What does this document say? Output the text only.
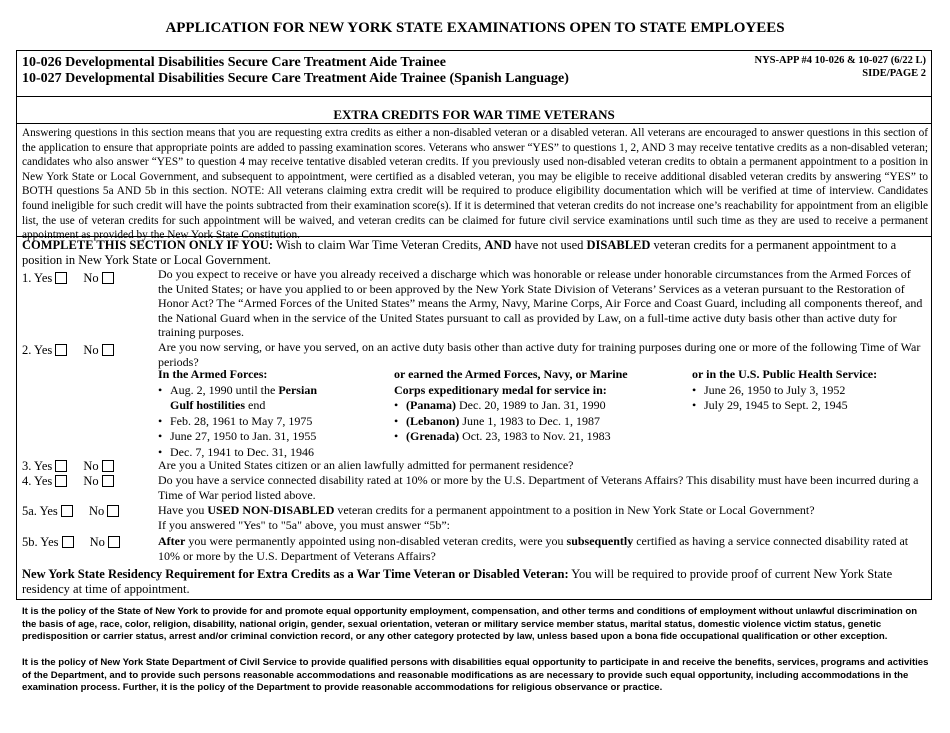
APPLICATION FOR NEW YORK STATE EXAMINATIONS OPEN TO STATE EMPLOYEES
10-026 Developmental Disabilities Secure Care Treatment Aide Trainee
10-027 Developmental Disabilities Secure Care Treatment Aide Trainee (Spanish Language)
NYS-APP #4 10-026 & 10-027 (6/22 L)
SIDE/PAGE 2
EXTRA CREDITS FOR WAR TIME VETERANS
Answering questions in this section means that you are requesting extra credits as either a non-disabled veteran or a disabled veteran. All veterans are encouraged to answer questions in this section of the application to ensure that appropriate points are added to passing examination scores. Veterans who answer “YES” to questions 1, 2, AND 3 may receive tentative credits as a non-disabled veteran; candidates who also answer “YES” to question 4 may receive tentative disabled veteran credits. If you previously used non-disabled veteran credits to obtain a permanent appointment to a position in New York State or Local Government, and subsequent to appointment, were certified as a disabled veteran, you may be eligible to receive additional disabled veteran credits by answering “YES” to BOTH questions 5a AND 5b in this section. NOTE: All veterans claiming extra credit will be required to produce eligibility documentation which will be verified at time of interview. Candidates found ineligible for such credit will have the points subtracted from their examination score(s). If it is determined that veteran credits do not increase one’s reachability for appointment from an eligible list, the use of veteran credits for such appointment will be waived, and veteran credits can be claimed for future civil service examinations until such time as they are used to receive a permanent
COMPLETE THIS SECTION ONLY IF YOU: Wish to claim War Time Veteran Credits, AND have not used DISABLED veteran credits for a permanent appointment to a position in New York State or Local Government.
1. Yes No	Do you expect to receive or have you already received a discharge which was honorable or release under honorable circumstances from the Armed Forces of the United States; or have you applied to or been approved by the New York State Division of Veterans’ Services as a veteran pursuant to the Restoration of Honor Act? The “Armed Forces of the United States” means the Army, Navy, Marine Corps, Air Force and Coast Guard, including all components thereof, and the National Guard when in the service of the United States pursuant to call as provided by Law, on a full-time active duty basis other than active duty for training purposes.
2. Yes No	Are you now serving, or have you served, on an active duty basis other than active duty for training purposes during one or more of the following Time of War periods?
In the Armed Forces:
• Aug. 2, 1990 until the Persian
Gulf hostilities end
• Feb. 28, 1961 to May 7, 1975
• June 27, 1950 to Jan. 31, 1955
• Dec. 7, 1941 to Dec. 31, 1946
or earned the Armed Forces, Navy, or Marine
Corps expeditionary medal for service in:
• (Panama) Dec. 20, 1989 to Jan. 31, 1990
• (Lebanon) June 1, 1983 to Dec. 1, 1987
• (Grenada) Oct. 23, 1983 to Nov. 21, 1983
or in the U.S. Public Health Service:
• June 26, 1950 to July 3, 1952
• July 29, 1945 to Sept. 2, 1945
3. Yes No	Are you a United States citizen or an alien lawfully admitted for permanent residence?
4. Yes No	Do you have a service connected disability rated at 10% or more by the U.S. Department of Veterans Affairs? This disability must have been incurred during a Time of War period listed above.
5a. Yes No	Have you USED NON-DISABLED veteran credits for a permanent appointment to a position in New York State or Local Government?
If you answered "Yes" to "5a" above, you must answer “5b”:
5b. Yes No	After you were permanently appointed using non-disabled veteran credits, were you subsequently certified as having a service connected disability rated at 10% or more by the U.S. Department of Veterans Affairs?
New York State Residency Requirement for Extra Credits as a War Time Veteran or Disabled Veteran: You will be required to provide proof of current New York State residency at time of appointment.
It is the policy of the State of New York to provide for and promote equal opportunity employment, compensation, and other terms and conditions of employment without unlawful discrimination on the basis of age, race, color, religion, disability, national origin, gender, sexual orientation, veteran or military service member status, marital status, domestic violence victim status, genetic predisposition or carrier status, arrest and/or criminal conviction record, or any other category protected by law, unless based upon a bona fide occupational qualification or other exception.
It is the policy of New York State Department of Civil Service to provide qualified persons with disabilities equal opportunity to participate in and receive the benefits, services, programs and activities of the Department, and to provide such persons reasonable accommodations and reasonable modifications as are necessary to provide such equal opportunity, including accommodations in the examination process. Further, it is the policy of the Department to provide reasonable accommodations for religious observance or practice.
